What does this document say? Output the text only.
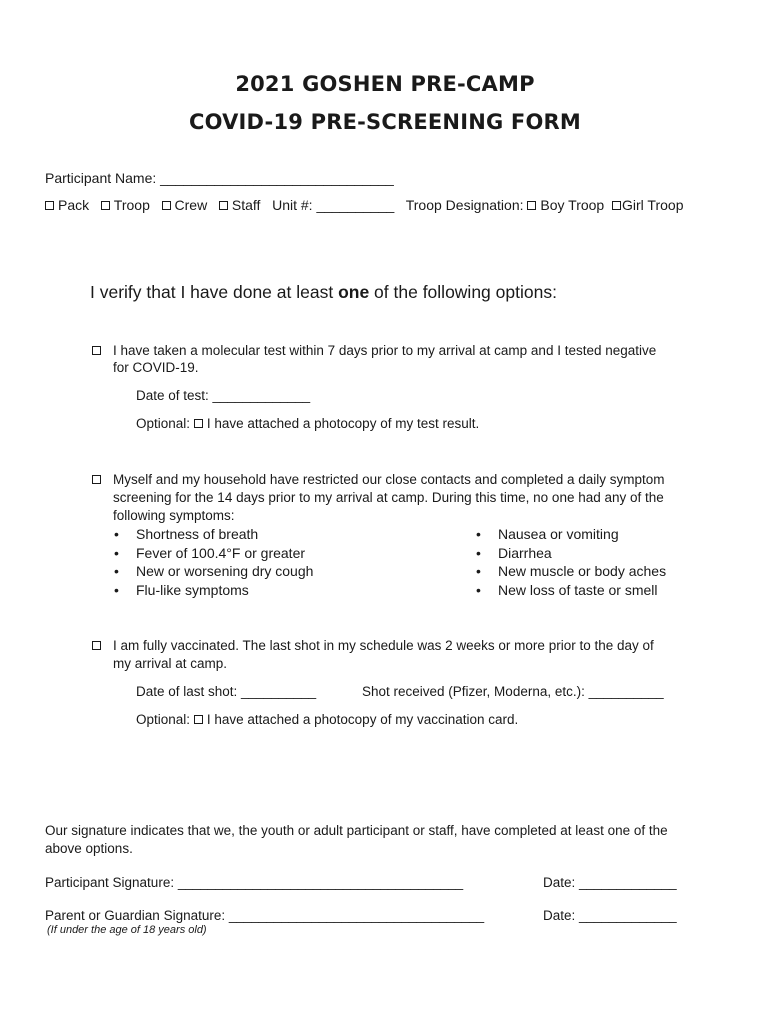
2021 GOSHEN PRE-CAMP
COVID-19 PRE-SCREENING FORM
Participant Name: ______________________________
Pack Troop Crew Staff Unit #: __________ Troop Designation: Boy Troop Girl Troop
I verify that I have done at least one of the following options:
I have taken a molecular test within 7 days prior to my arrival at camp and I tested negative
for COVID-19.
Date of test: _____________
Optional: I have attached a photocopy of my test result.
Myself and my household have restricted our close contacts and completed a daily symptom
screening for the 14 days prior to my arrival at camp. During this time, no one had any of the
following symptoms:
• Shortness of breath
• Fever of 100.4°F or greater
• New or worsening dry cough
• Flu-like symptoms
• Nausea or vomiting
• Diarrhea
• New muscle or body aches
• New loss of taste or smell
I am fully vaccinated. The last shot in my schedule was 2 weeks or more prior to the day of
my arrival at camp.
Date of last shot: __________	Shot received (Pfizer, Moderna, etc.): __________
Optional: I have attached a photocopy of my vaccination card.
Our signature indicates that we, the youth or adult participant or staff, have completed at least one of the
above options.
Participant Signature: ______________________________________	Date: _____________
Parent or Guardian Signature: __________________________________	Date: _____________
(If under the age of 18 years old)
